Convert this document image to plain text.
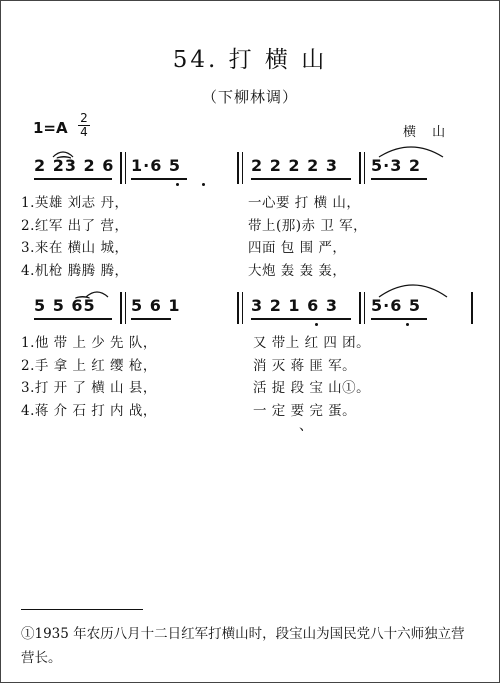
54. 打 横 山
（下柳林调）
1=A
2
4	横 山
2 2͡3 2 6 1·6 5	2 2 2 2 3 5·3 2
1.英雄 刘志 丹，
2.红军 出了 营，
3.来在 横山 城，
4.机枪 腾腾 腾，
一心要 打 横 山，
带上(那)赤 卫 军，
四面 包 围 严，
大炮 轰 轰 轰，
5 5 6͡5 5 6 1	3 2 1 6 3 5·6 5
1.他 带 上 少 先 队，
2.手 拿 上 红 缨 枪，
3.打 开 了 横 山 县，
4.蒋 介 石 打 内 战，
又 带上 红 四 团。
消 灭 蒋 匪 军。
活 捉 段 宝 山①。
一 定 要 完 蛋。
、
①1935 年农历八月十二日红军打横山时，段宝山为国民党八十六师独立营营长。
